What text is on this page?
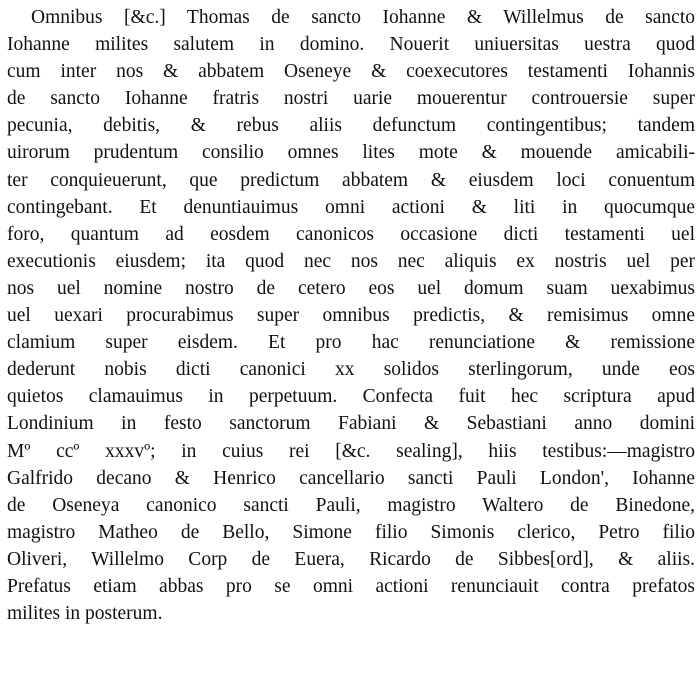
Omnibus [&c.] Thomas de sancto Iohanne & Willelmus de sancto
Iohanne milites salutem in domino. Nouerit uniuersitas uestra quod
cum inter nos & abbatem Oseneye & coexecutores testamenti Iohannis
de sancto Iohanne fratris nostri uarie mouerentur controuersie super
pecunia, debitis, & rebus aliis defunctum contingentibus; tandem
uirorum prudentum consilio omnes lites mote & mouende amicabili-
ter conquieuerunt, que predictum abbatem & eiusdem loci conuentum
contingebant. Et denuntiauimus omni actioni & liti in quocumque
foro, quantum ad eosdem canonicos occasione dicti testamenti uel
executionis eiusdem; ita quod nec nos nec aliquis ex nostris uel per
nos uel nomine nostro de cetero eos uel domum suam uexabimus
uel uexari procurabimus super omnibus predictis, & remisimus omne
clamium super eisdem. Et pro hac renunciatione & remissione
dederunt nobis dicti canonici xx solidos sterlingorum, unde eos
quietos clamauimus in perpetuum. Confecta fuit hec scriptura apud
Londinium in festo sanctorum Fabiani & Sebastiani anno domini
Mº ccº xxxvº; in cuius rei [&c. sealing], hiis testibus:—magistro
Galfrido decano & Henrico cancellario sancti Pauli London', Iohanne
de Oseneya canonico sancti Pauli, magistro Waltero de Binedone,
magistro Matheo de Bello, Simone filio Simonis clerico, Petro filio
Oliveri, Willelmo Corp de Euera, Ricardo de Sibbes[ord], & aliis.
Prefatus etiam abbas pro se omni actioni renunciauit contra prefatos
milites in posterum.
